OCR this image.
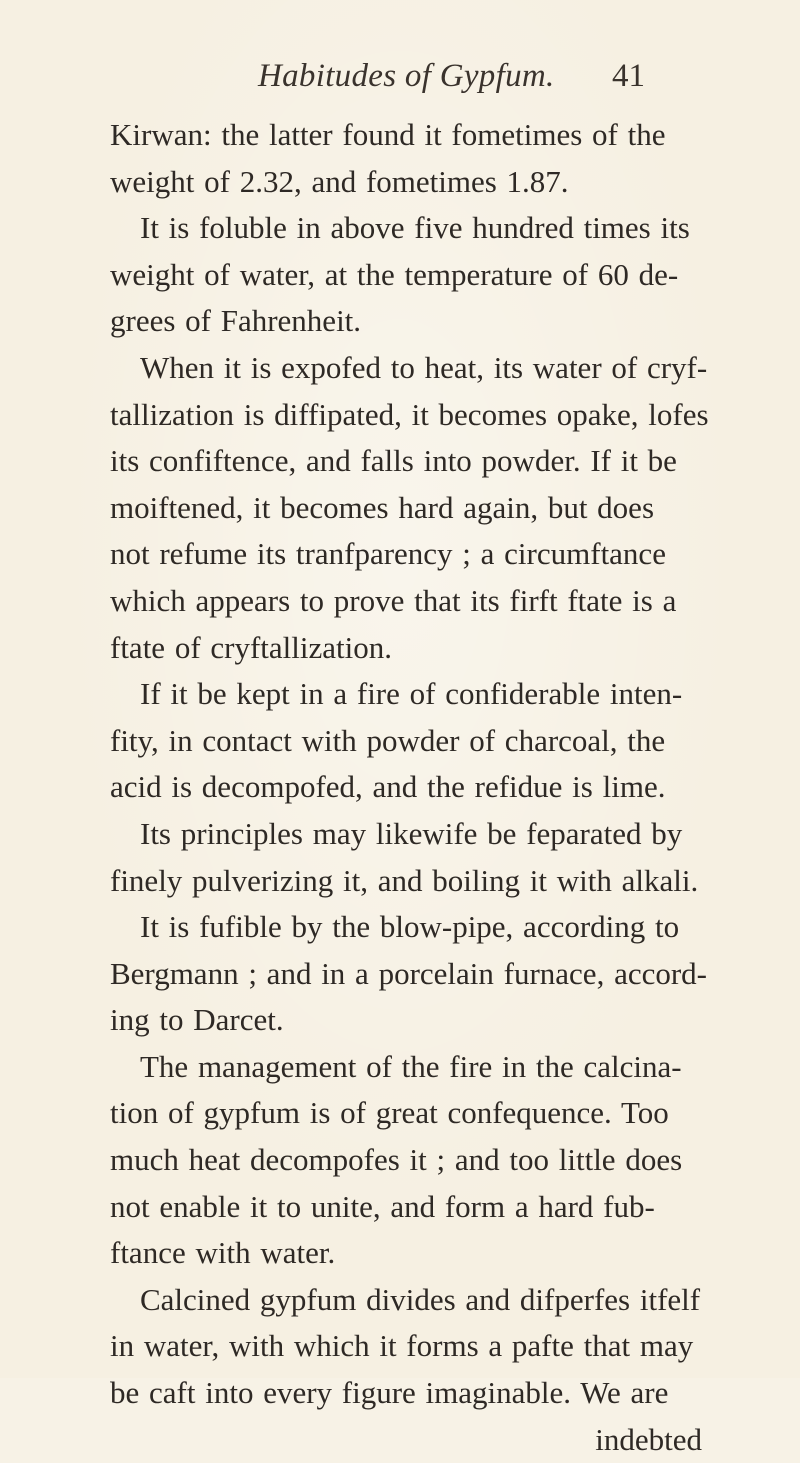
Habitudes of Gypfum. 41
Kirwan: the latter found it fometimes of the
weight of 2.32, and fometimes 1.87.
It is foluble in above five hundred times its
weight of water, at the temperature of 60 de-
grees of Fahrenheit.
When it is expofed to heat, its water of cryf-
tallization is diffipated, it becomes opake, lofes
its confiftence, and falls into powder. If it be
moiftened, it becomes hard again, but does
not refume its tranfparency ; a circumftance
which appears to prove that its firft ftate is a
ftate of cryftallization.
If it be kept in a fire of confiderable inten-
fity, in contact with powder of charcoal, the
acid is decompofed, and the refidue is lime.
Its principles may likewife be feparated by
finely pulverizing it, and boiling it with alkali.
It is fufible by the blow-pipe, according to
Bergmann ; and in a porcelain furnace, accord-
ing to Darcet.
The management of the fire in the calcina-
tion of gypfum is of great confequence. Too
much heat decompofes it ; and too little does
not enable it to unite, and form a hard fub-
ftance with water.
Calcined gypfum divides and difperfes itfelf
in water, with which it forms a pafte that may
be caft into every figure imaginable. We are
indebted
